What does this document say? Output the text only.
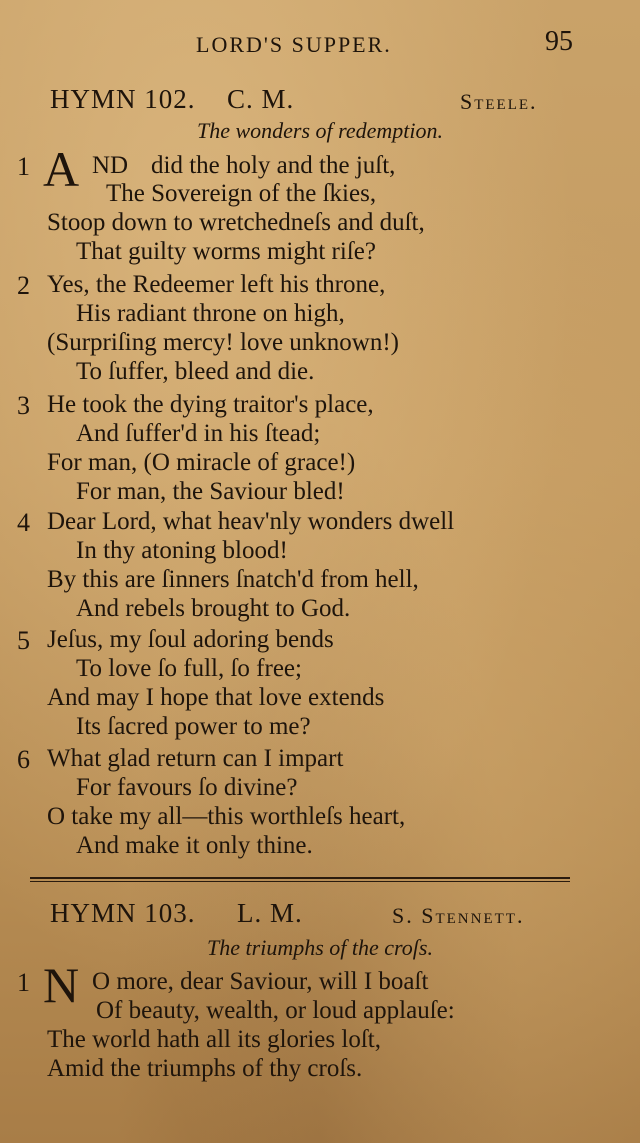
LORD'S SUPPER.	95
HYMN 102. C. M.	Steele.
The wonders of redemption.
1 A ND did the holy and the juſt,
The Sovereign of the ſkies,
Stoop down to wretchedneſs and duſt,
That guilty worms might riſe?
2 Yes, the Redeemer left his throne,
His radiant throne on high,
(Surpriſing mercy! love unknown!)
To ſuffer, bleed and die.
3 He took the dying traitor's place,
And ſuffer'd in his ſtead;
For man, (O miracle of grace!)
For man, the Saviour bled!
4 Dear Lord, what heav'nly wonders dwell
In thy atoning blood!
By this are ſinners ſnatch'd from hell,
And rebels brought to God.
5 Jeſus, my ſoul adoring bends
To love ſo full, ſo free;
And may I hope that love extends
Its ſacred power to me?
6 What glad return can I impart
For favours ſo divine?
O take my all—this worthleſs heart,
And make it only thine.
HYMN 103. L. M.	S. Stennett.
The triumphs of the croſs.
1 N O more, dear Saviour, will I boaſt
Of beauty, wealth, or loud applauſe:
The world hath all its glories loſt,
Amid the triumphs of thy croſs.
